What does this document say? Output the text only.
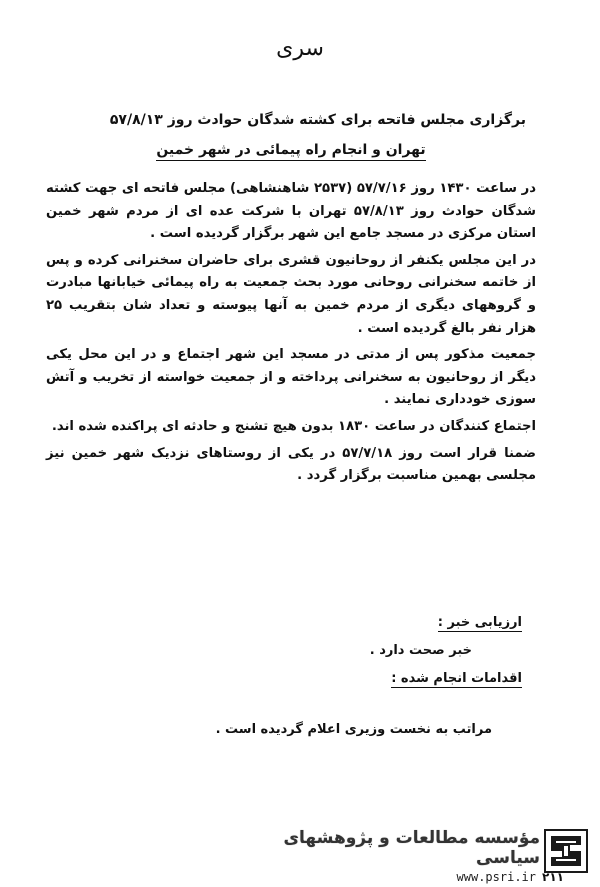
سری
برگزاری مجلس فاتحه برای کشته شدگان حوادث روز ۵۷/۸/۱۳
تهران و انجام راه پیمائی در شهر خمین

در ساعت ۱۴۳۰ روز ۵۷/۷/۱۶ (۲۵۳۷ شاهنشاهی) مجلس فاتحه ای جهت کشته شدگان حوادث روز ۵۷/۸/۱۳ تهران با شرکت عده ای از مردم شهر خمین استان مرکزی در مسجد جامع این شهر برگزار گردیده است .

در این مجلس یکنفر از روحانیون قشری برای حاضران سخنرانی کرده و پس از خاتمه سخنرانی روحانی مورد بحث جمعیت به راه پیمائی خیابانها مبادرت و گروههای دیگری از مردم خمین به آنها پیوسته و تعداد شان بتقریب ۲۵ هزار نفر بالغ گردیده است .

جمعیت مذکور پس از مدتی در مسجد این شهر اجتماع و در این محل یکی دیگر از روحانیون به سخنرانی پرداخته و از جمعیت خواسته از تخریب و آتش سوزی خودداری نمایند .

اجتماع کنندگان در ساعت ۱۸۳۰ بدون هیچ تشنج و حادثه ای پراکنده شده اند.

ضمنا قرار است روز ۵۷/۷/۱۸ در یکی از روستاهای نزدیک شهر خمین نیز مجلسی بهمین مناسبت برگزار گردد .

ارزیابی خبر :
خبر صحت دارد .
اقدامات انجام شده :
مراتب به نخست وزیری اعلام گردیده است .
مؤسسه مطالعات و پژوهشهای سیاسی
www.psri.ir ۲۱۱
